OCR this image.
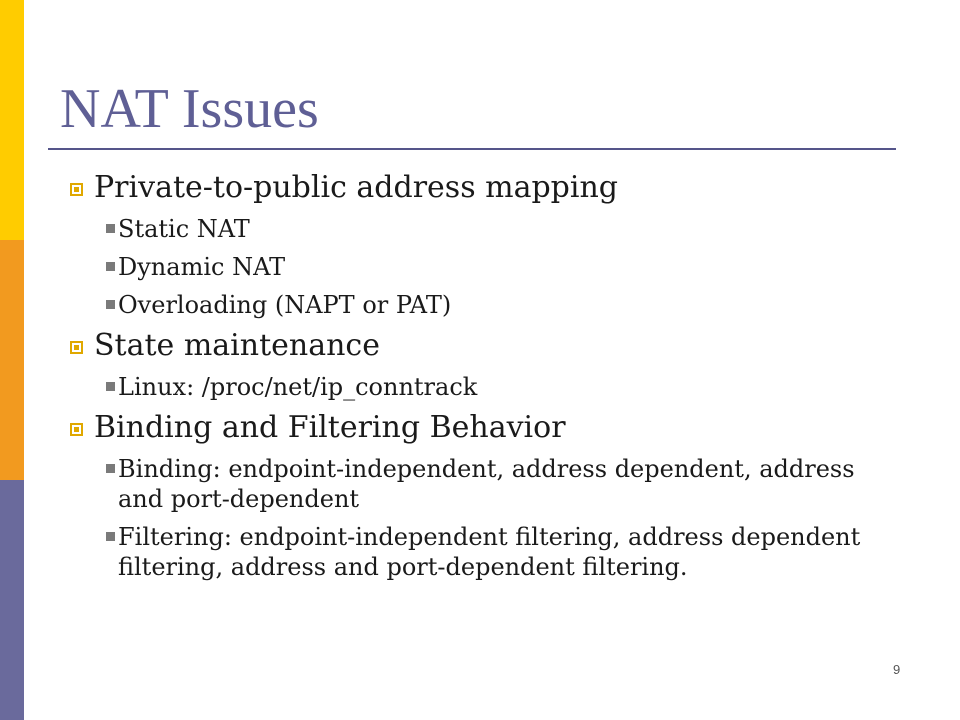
NAT Issues
Private-to-public address mapping
Static NAT
Dynamic NAT
Overloading (NAPT or PAT)
State maintenance
Linux: /proc/net/ip_conntrack
Binding and Filtering Behavior
Binding: endpoint-independent, address dependent, address and port-dependent
Filtering: endpoint-independent filtering, address dependent filtering, address and port-dependent filtering.
9
